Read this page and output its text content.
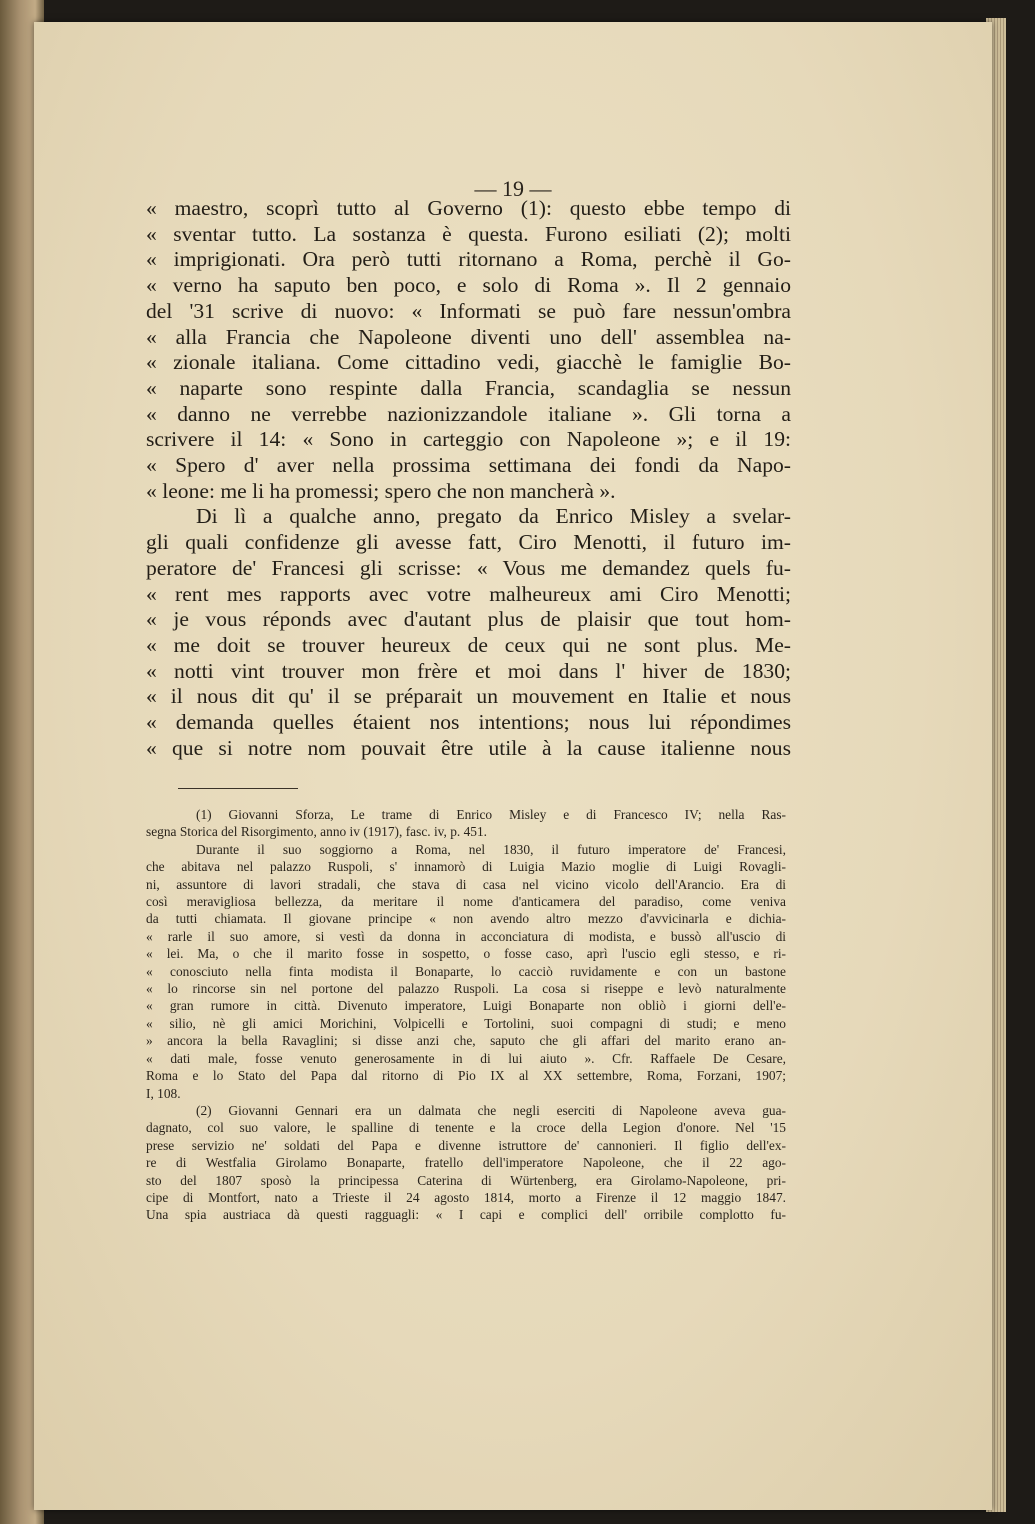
— 19 —
« maestro, scoprì tutto al Governo (1): questo ebbe tempo di
« sventar tutto. La sostanza è questa. Furono esiliati (2); molti
« imprigionati. Ora però tutti ritornano a Roma, perchè il Go-
« verno ha saputo ben poco, e solo di Roma ». Il 2 gennaio
del '31 scrive di nuovo: « Informati se può fare nessun'ombra
« alla Francia che Napoleone diventi uno dell' assemblea na-
« zionale italiana. Come cittadino vedi, giacchè le famiglie Bo-
« naparte sono respinte dalla Francia, scandaglia se nessun
« danno ne verrebbe nazionizzandole italiane ». Gli torna a
scrivere il 14: « Sono in carteggio con Napoleone »; e il 19:
« Spero d' aver nella prossima settimana dei fondi da Napo-
« leone: me li ha promessi; spero che non mancherà ».
Di lì a qualche anno, pregato da Enrico Misley a svelar-
gli quali confidenze gli avesse fatt, Ciro Menotti, il futuro im-
peratore de' Francesi gli scrisse: « Vous me demandez quels fu-
« rent mes rapports avec votre malheureux ami Ciro Menotti;
« je vous réponds avec d'autant plus de plaisir que tout hom-
« me doit se trouver heureux de ceux qui ne sont plus. Me-
« notti vint trouver mon frère et moi dans l' hiver de 1830;
« il nous dit qu' il se préparait un mouvement en Italie et nous
« demanda quelles étaient nos intentions; nous lui répondimes
« que si notre nom pouvait être utile à la cause italienne nous
(1) Giovanni Sforza, Le trame di Enrico Misley e di Francesco IV; nella Ras-
segna Storica del Risorgimento, anno iv (1917), fasc. iv, p. 451.
Durante il suo soggiorno a Roma, nel 1830, il futuro imperatore de' Francesi,
che abitava nel palazzo Ruspoli, s' innamorò di Luigia Mazio moglie di Luigi Rovagli-
ni, assuntore di lavori stradali, che stava di casa nel vicino vicolo dell'Arancio. Era di
così meravigliosa bellezza, da meritare il nome d'anticamera del paradiso, come veniva
da tutti chiamata. Il giovane principe « non avendo altro mezzo d'avvicinarla e dichia-
« rarle il suo amore, si vestì da donna in acconciatura di modista, e bussò all'uscio di
« lei. Ma, o che il marito fosse in sospetto, o fosse caso, aprì l'uscio egli stesso, e ri-
« conosciuto nella finta modista il Bonaparte, lo cacciò ruvidamente e con un bastone
« lo rincorse sin nel portone del palazzo Ruspoli. La cosa si riseppe e levò naturalmente
« gran rumore in città. Divenuto imperatore, Luigi Bonaparte non obliò i giorni dell'e-
« silio, nè gli amici Morichini, Volpicelli e Tortolini, suoi compagni di studi; e meno
» ancora la bella Ravaglini; si disse anzi che, saputo che gli affari del marito erano an-
« dati male, fosse venuto generosamente in di lui aiuto ». Cfr. Raffaele De Cesare,
Roma e lo Stato del Papa dal ritorno di Pio IX al XX settembre, Roma, Forzani, 1907;
I, 108.
(2) Giovanni Gennari era un dalmata che negli eserciti di Napoleone aveva gua-
dagnato, col suo valore, le spalline di tenente e la croce della Legion d'onore. Nel '15
prese servizio ne' soldati del Papa e divenne istruttore de' cannonieri. Il figlio dell'ex-
re di Westfalia Girolamo Bonaparte, fratello dell'imperatore Napoleone, che il 22 ago-
sto del 1807 sposò la principessa Caterina di Würtenberg, era Girolamo-Napoleone, pri-
cipe di Montfort, nato a Trieste il 24 agosto 1814, morto a Firenze il 12 maggio 1847.
Una spia austriaca dà questi ragguagli: « I capi e complici dell' orribile complotto fu-
